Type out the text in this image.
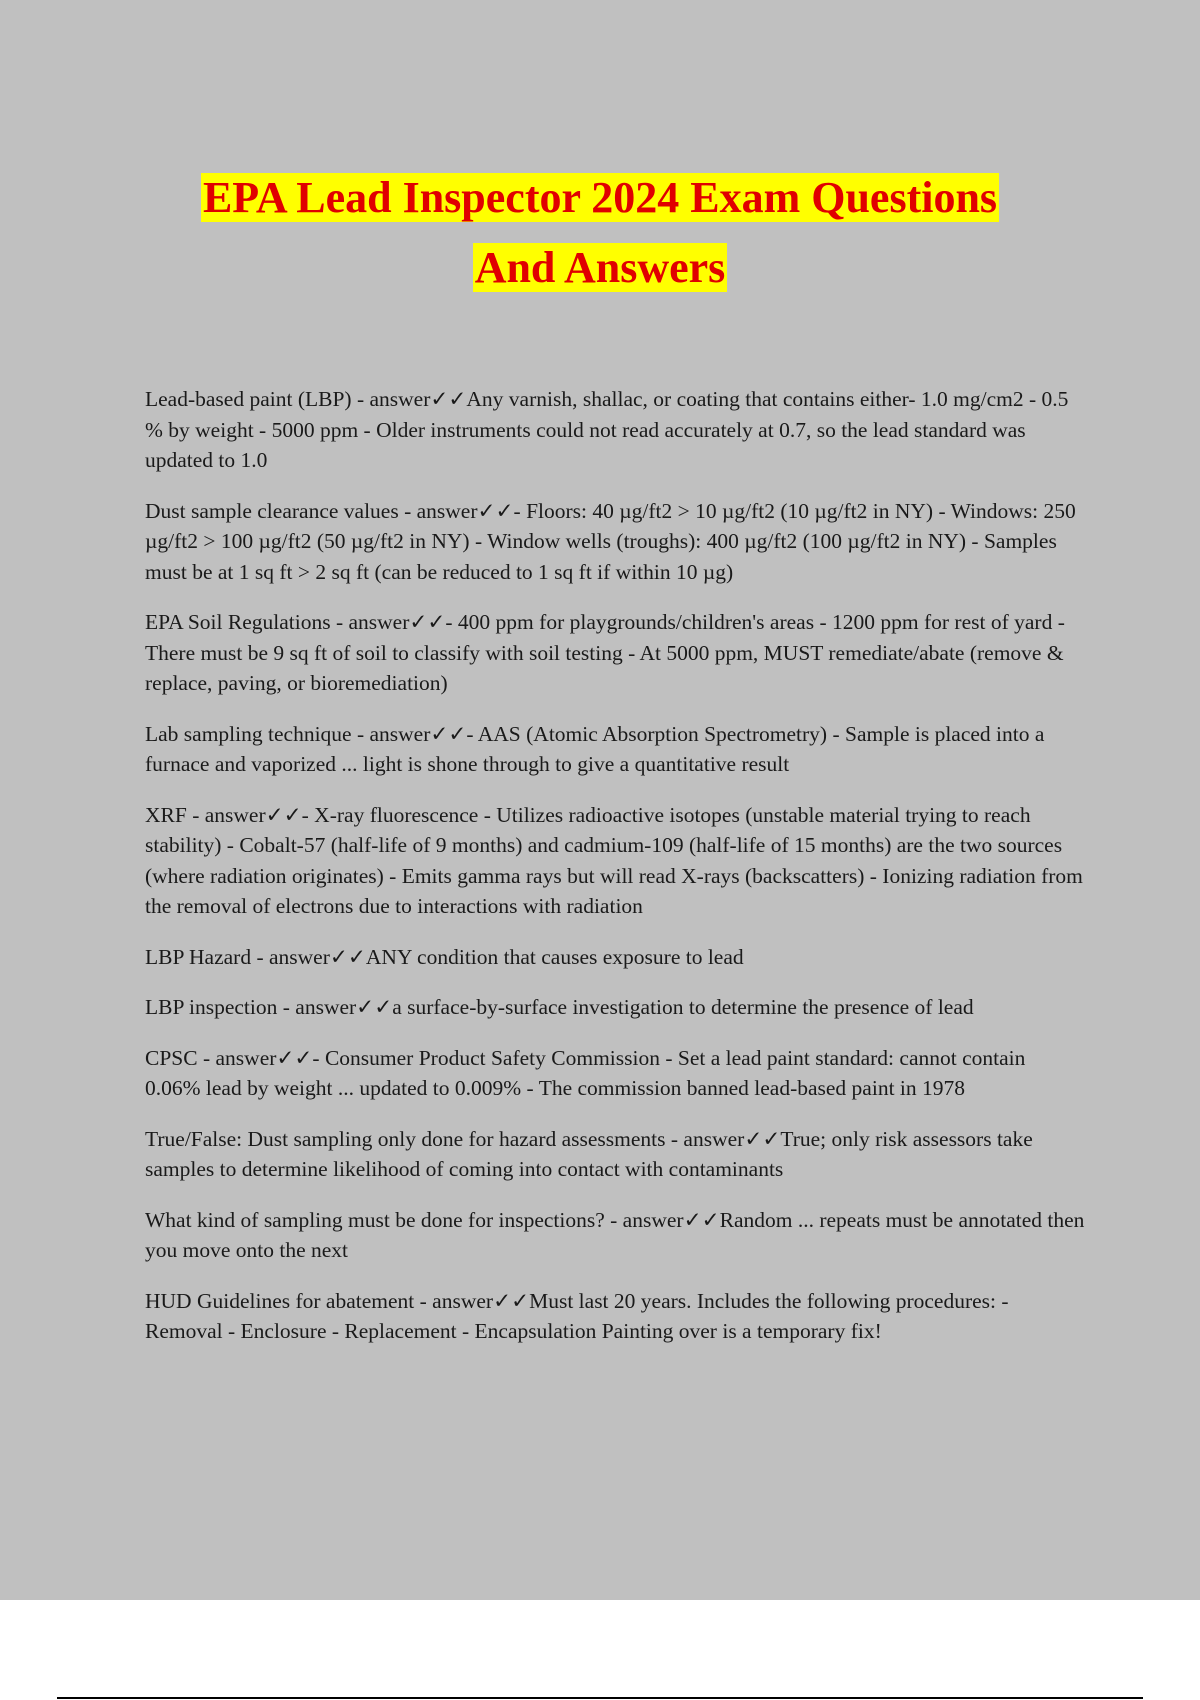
EPA Lead Inspector 2024 Exam Questions
And Answers

Lead-based paint (LBP) - answer✓✓Any varnish, shallac, or coating that contains either- 1.0 mg/cm2 - 0.5 % by weight - 5000 ppm - Older instruments could not read accurately at 0.7, so the lead standard was updated to 1.0

Dust sample clearance values - answer✓✓- Floors: 40 µg/ft2 > 10 µg/ft2 (10 µg/ft2 in NY) - Windows: 250 µg/ft2 > 100 µg/ft2 (50 µg/ft2 in NY) - Window wells (troughs): 400 µg/ft2 (100 µg/ft2 in NY) - Samples must be at 1 sq ft > 2 sq ft (can be reduced to 1 sq ft if within 10 µg)

EPA Soil Regulations - answer✓✓- 400 ppm for playgrounds/children's areas - 1200 ppm for rest of yard - There must be 9 sq ft of soil to classify with soil testing - At 5000 ppm, MUST remediate/abate (remove & replace, paving, or bioremediation)

Lab sampling technique - answer✓✓- AAS (Atomic Absorption Spectrometry) - Sample is placed into a furnace and vaporized ... light is shone through to give a quantitative result

XRF - answer✓✓- X-ray fluorescence - Utilizes radioactive isotopes (unstable material trying to reach stability) - Cobalt-57 (half-life of 9 months) and cadmium-109 (half-life of 15 months) are the two sources (where radiation originates) - Emits gamma rays but will read X-rays (backscatters) - Ionizing radiation from the removal of electrons due to interactions with radiation

LBP Hazard - answer✓✓ANY condition that causes exposure to lead

LBP inspection - answer✓✓a surface-by-surface investigation to determine the presence of lead

CPSC - answer✓✓- Consumer Product Safety Commission - Set a lead paint standard: cannot contain 0.06% lead by weight ... updated to 0.009% - The commission banned lead-based paint in 1978

True/False: Dust sampling only done for hazard assessments - answer✓✓True; only risk assessors take samples to determine likelihood of coming into contact with contaminants

What kind of sampling must be done for inspections? - answer✓✓Random ... repeats must be annotated then you move onto the next

HUD Guidelines for abatement - answer✓✓Must last 20 years. Includes the following procedures: - Removal - Enclosure - Replacement - Encapsulation Painting over is a temporary fix!
